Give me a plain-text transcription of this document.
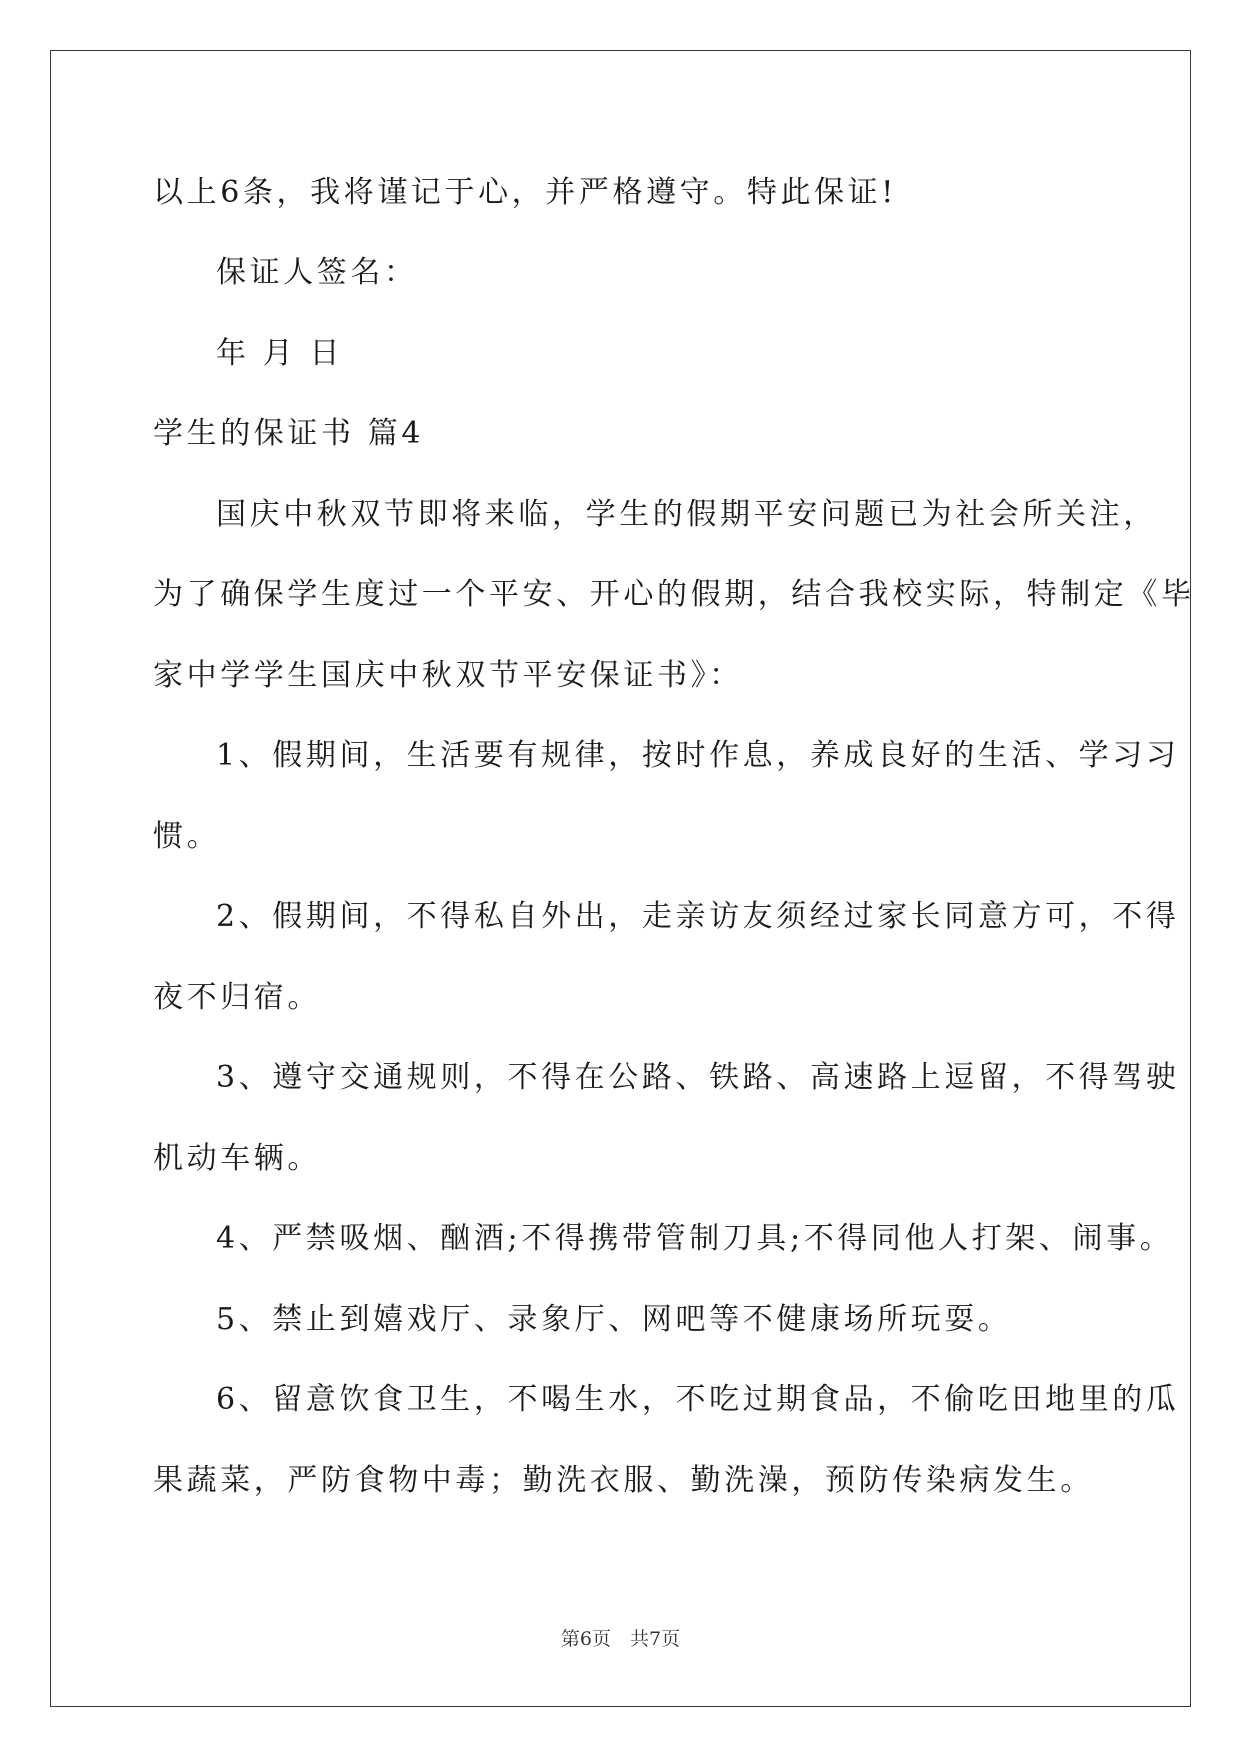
以上6条，我将谨记于心，并严格遵守。特此保证!
保证人签名：
年 月 日
学生的保证书 篇4
国庆中秋双节即将来临，学生的假期平安问题已为社会所关注，
为了确保学生度过一个平安、开心的假期，结合我校实际，特制定《毕
家中学学生国庆中秋双节平安保证书》：
1、假期间，生活要有规律，按时作息，养成良好的生活、学习习
惯。
2、假期间，不得私自外出，走亲访友须经过家长同意方可，不得
夜不归宿。
3、遵守交通规则，不得在公路、铁路、高速路上逗留，不得驾驶
机动车辆。
4、严禁吸烟、酗酒;不得携带管制刀具;不得同他人打架、闹事。
5、禁止到嬉戏厅、录象厅、网吧等不健康场所玩耍。
6、留意饮食卫生，不喝生水，不吃过期食品，不偷吃田地里的瓜
果蔬菜，严防食物中毒；勤洗衣服、勤洗澡，预防传染病发生。
第6页　共7页
